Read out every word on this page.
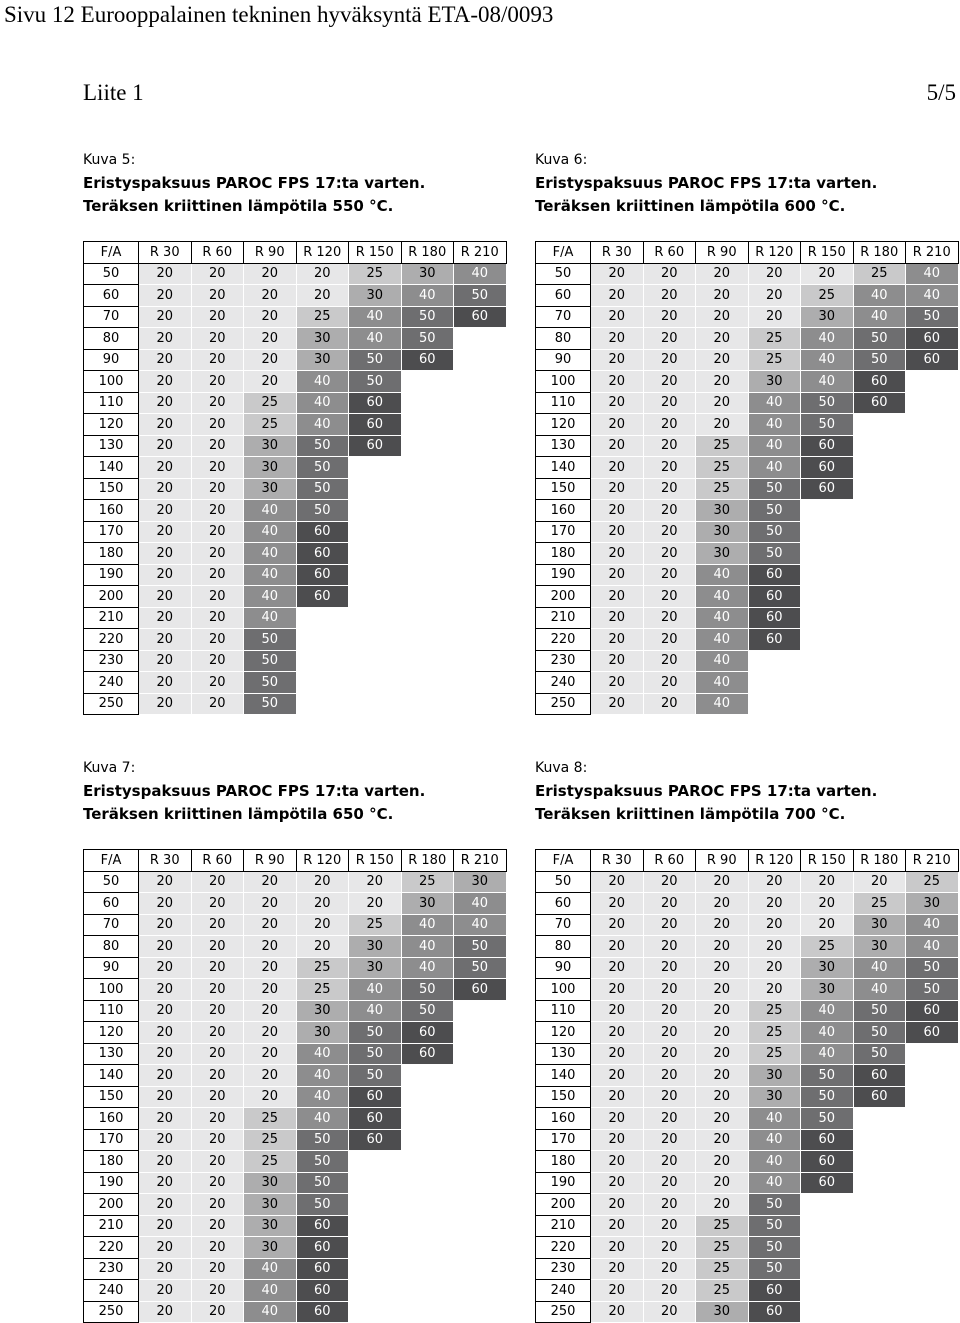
Sivu 12 Eurooppalainen tekninen hyväksyntä ETA-08/0093
Liite 1	5/5
Kuva 5:
Eristyspaksuus PAROC FPS 17:ta varten.
Teräksen kriittinen lämpötila 550 °C.
F/A	R 30	R 60	R 90	R 120	R 150	R 180	R 210
50	20	20	20	20	25	30	40
60	20	20	20	20	30	40	50
70	20	20	20	25	40	50	60
80	20	20	20	30	40	50	
90	20	20	20	30	50	60	
100	20	20	20	40	50		
110	20	20	25	40	60		
120	20	20	25	40	60		
130	20	20	30	50	60		
140	20	20	30	50			
150	20	20	30	50			
160	20	20	40	50			
170	20	20	40	60			
180	20	20	40	60			
190	20	20	40	60			
200	20	20	40	60			
210	20	20	40				
220	20	20	50				
230	20	20	50				
240	20	20	50				
250	20	20	50				
Kuva 6:
Eristyspaksuus PAROC FPS 17:ta varten.
Teräksen kriittinen lämpötila 600 °C.
F/A	R 30	R 60	R 90	R 120	R 150	R 180	R 210
50	20	20	20	20	20	25	40
60	20	20	20	20	25	40	40
70	20	20	20	20	30	40	50
80	20	20	20	25	40	50	60
90	20	20	20	25	40	50	60
100	20	20	20	30	40	60	
110	20	20	20	40	50	60	
120	20	20	20	40	50		
130	20	20	25	40	60		
140	20	20	25	40	60		
150	20	20	25	50	60		
160	20	20	30	50			
170	20	20	30	50			
180	20	20	30	50			
190	20	20	40	60			
200	20	20	40	60			
210	20	20	40	60			
220	20	20	40	60			
230	20	20	40				
240	20	20	40				
250	20	20	40				
Kuva 7:
Eristyspaksuus PAROC FPS 17:ta varten.
Teräksen kriittinen lämpötila 650 °C.
F/A	R 30	R 60	R 90	R 120	R 150	R 180	R 210
50	20	20	20	20	20	25	30
60	20	20	20	20	20	30	40
70	20	20	20	20	25	40	40
80	20	20	20	20	30	40	50
90	20	20	20	25	30	40	50
100	20	20	20	25	40	50	60
110	20	20	20	30	40	50	
120	20	20	20	30	50	60	
130	20	20	20	40	50	60	
140	20	20	20	40	50		
150	20	20	20	40	60		
160	20	20	25	40	60		
170	20	20	25	50	60		
180	20	20	25	50			
190	20	20	30	50			
200	20	20	30	50			
210	20	20	30	60			
220	20	20	30	60			
230	20	20	40	60			
240	20	20	40	60			
250	20	20	40	60			
Kuva 8:
Eristyspaksuus PAROC FPS 17:ta varten.
Teräksen kriittinen lämpötila 700 °C.
F/A	R 30	R 60	R 90	R 120	R 150	R 180	R 210
50	20	20	20	20	20	20	25
60	20	20	20	20	20	25	30
70	20	20	20	20	20	30	40
80	20	20	20	20	25	30	40
90	20	20	20	20	30	40	50
100	20	20	20	20	30	40	50
110	20	20	20	25	40	50	60
120	20	20	20	25	40	50	60
130	20	20	20	25	40	50	
140	20	20	20	30	50	60	
150	20	20	20	30	50	60	
160	20	20	20	40	50		
170	20	20	20	40	60		
180	20	20	20	40	60		
190	20	20	20	40	60		
200	20	20	20	50			
210	20	20	25	50			
220	20	20	25	50			
230	20	20	25	50			
240	20	20	25	60			
250	20	20	30	60			
